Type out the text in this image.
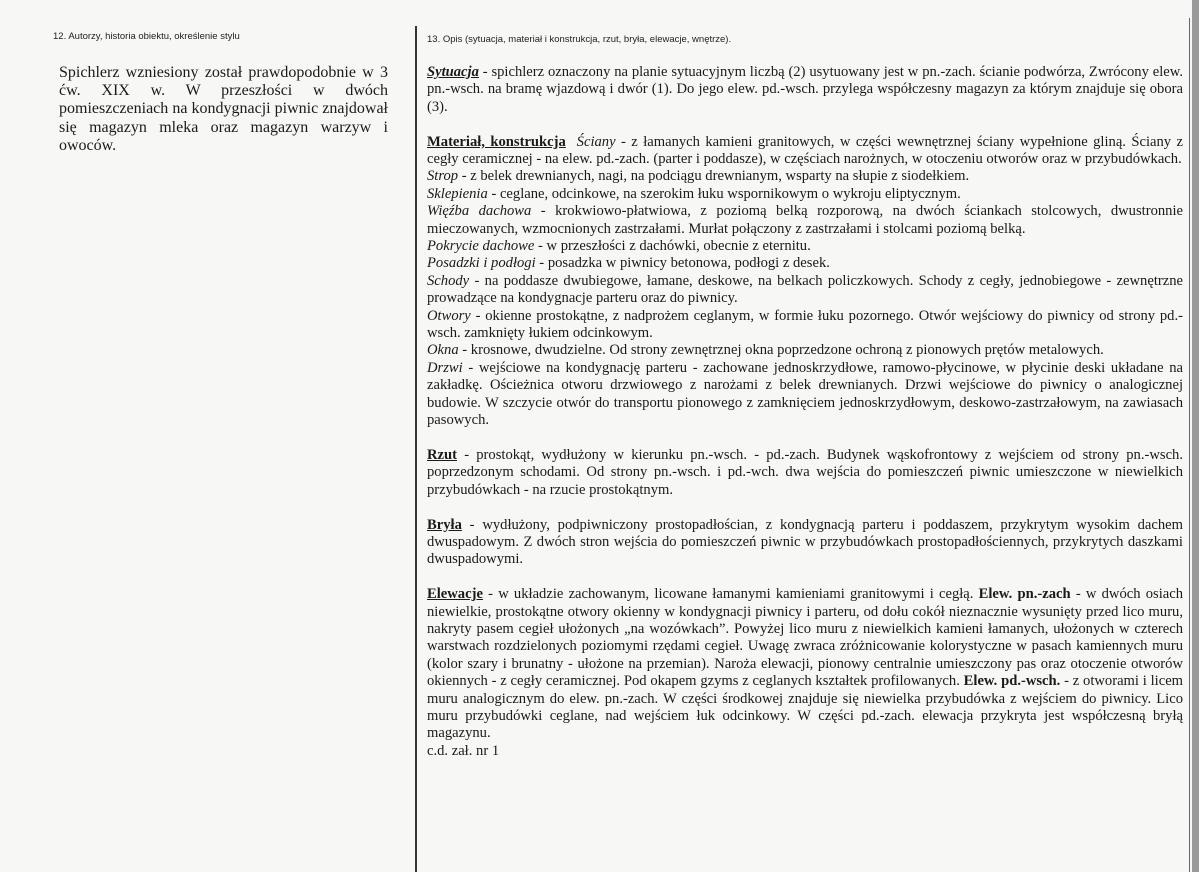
12. Autorzy, historia obiektu, określenie stylu
Spichlerz wzniesiony został prawdopodobnie w 3 ćw. XIX w. W przeszłości w dwóch pomieszczeniach na kondygnacji piwnic znajdował się magazyn mleka oraz magazyn warzyw i owoców.
13. Opis (sytuacja, materiał i konstrukcja, rzut, bryła, elewacje, wnętrze).

Sytuacja - spichlerz oznaczony na planie sytuacyjnym liczbą (2) usytuowany jest w pn.-zach. ścianie podwórza, Zwrócony elew. pn.-wsch. na bramę wjazdową i dwór (1). Do jego elew. pd.-wsch. przylega współczesny magazyn za którym znajduje się obora (3).

Materiał, konstrukcja Ściany - z łamanych kamieni granitowych, w części wewnętrznej ściany wypełnione gliną. Ściany z cegły ceramicznej - na elew. pd.-zach. (parter i poddasze), w częściach narożnych, w otoczeniu otworów oraz w przybudówkach.

Strop - z belek drewnianych, nagi, na podciągu drewnianym, wsparty na słupie z siodełkiem.

Sklepienia - ceglane, odcinkowe, na szerokim łuku wspornikowym o wykroju eliptycznym.

Więźba dachowa - krokwiowo-płatwiowa, z poziomą belką rozporową, na dwóch ściankach stolcowych, dwustronnie mieczowanych, wzmocnionych zastrzałami. Murłat połączony z zastrzałami i stolcami poziomą belką.

Pokrycie dachowe - w przeszłości z dachówki, obecnie z eternitu.

Posadzki i podłogi - posadzka w piwnicy betonowa, podłogi z desek.

Schody - na poddasze dwubiegowe, łamane, deskowe, na belkach policzkowych. Schody z cegły, jednobiegowe - zewnętrzne prowadzące na kondygnacje parteru oraz do piwnicy.

Otwory - okienne prostokątne, z nadprożem ceglanym, w formie łuku pozornego. Otwór wejściowy do piwnicy od strony pd.-wsch. zamknięty łukiem odcinkowym.

Okna - krosnowe, dwudzielne. Od strony zewnętrznej okna poprzedzone ochroną z pionowych prętów metalowych.

Drzwi - wejściowe na kondygnację parteru - zachowane jednoskrzydłowe, ramowo-płycinowe, w płycinie deski układane na zakładkę. Ościeżnica otworu drzwiowego z narożami z belek drewnianych. Drzwi wejściowe do piwnicy o analogicznej budowie. W szczycie otwór do transportu pionowego z zamknięciem jednoskrzydłowym, deskowo-zastrzałowym, na zawiasach pasowych.

Rzut - prostokąt, wydłużony w kierunku pn.-wsch. - pd.-zach. Budynek wąskofrontowy z wejściem od strony pn.-wsch. poprzedzonym schodami. Od strony pn.-wsch. i pd.-wch. dwa wejścia do pomieszczeń piwnic umieszczone w niewielkich przybudówkach - na rzucie prostokątnym.

Bryła - wydłużony, podpiwniczony prostopadłościan, z kondygnacją parteru i poddaszem, przykrytym wysokim dachem dwuspadowym. Z dwóch stron wejścia do pomieszczeń piwnic w przybudówkach prostopadłościennych, przykrytych daszkami dwuspadowymi.

Elewacje - w układzie zachowanym, licowane łamanymi kamieniami granitowymi i cegłą. Elew. pn.-zach - w dwóch osiach niewielkie, prostokątne otwory okienny w kondygnacji piwnicy i parteru, od dołu cokół nieznacznie wysunięty przed lico muru, nakryty pasem cegieł ułożonych „na wozówkach”. Powyżej lico muru z niewielkich kamieni łamanych, ułożonych w czterech warstwach rozdzielonych poziomymi rzędami cegieł. Uwagę zwraca zróżnicowanie kolorystyczne w pasach kamiennych muru (kolor szary i brunatny - ułożone na przemian). Naroża elewacji, pionowy centralnie umieszczony pas oraz otoczenie otworów okiennych - z cegły ceramicznej. Pod okapem gzyms z ceglanych kształtek profilowanych. Elew. pd.-wsch. - z otworami i licem muru analogicznym do elew. pn.-zach. W części środkowej znajduje się niewielka przybudówka z wejściem do piwnicy. Lico muru przybudówki ceglane, nad wejściem łuk odcinkowy. W części pd.-zach. elewacja przykryta jest współczesną bryłą magazynu.

c.d. zał. nr 1
